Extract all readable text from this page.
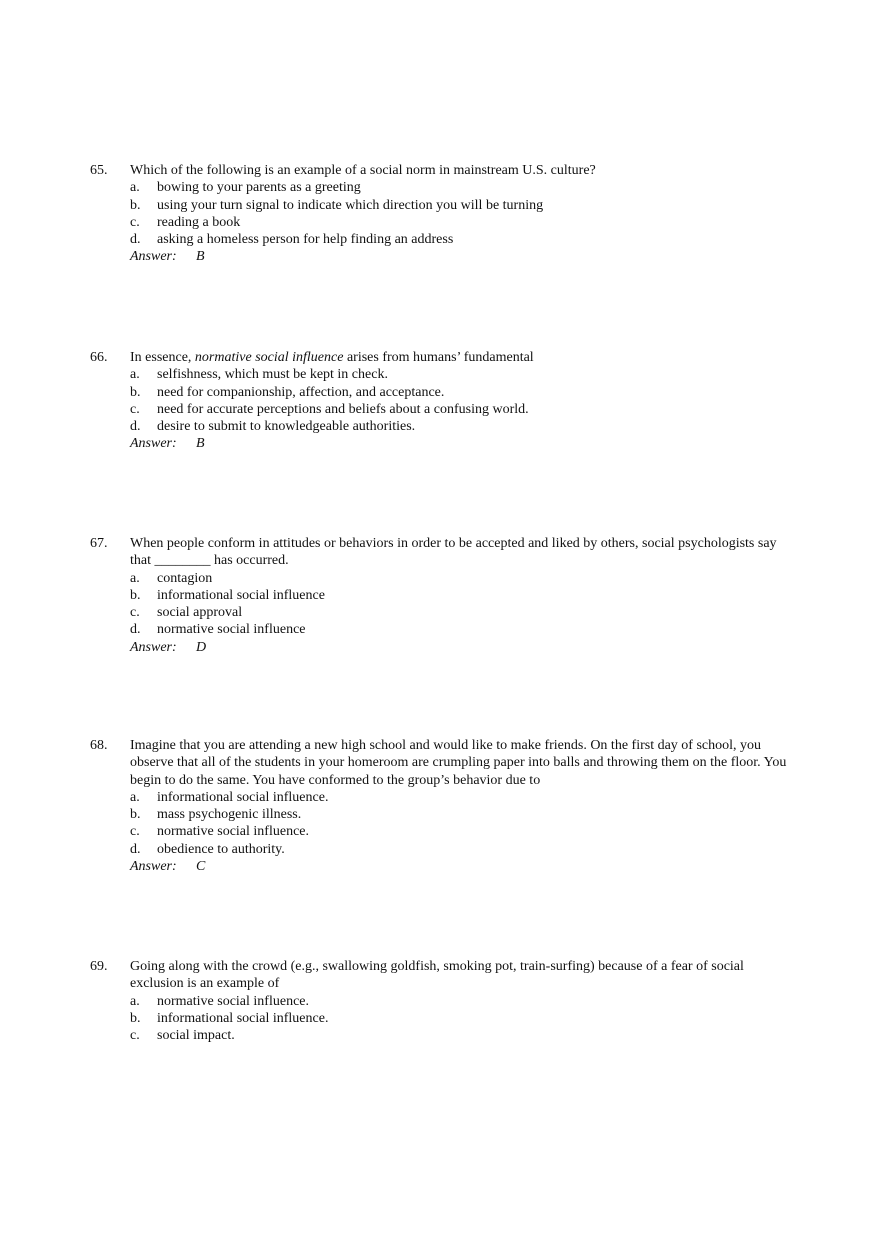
65.	Which of the following is an example of a social norm in mainstream U.S. culture?
a.	bowing to your parents as a greeting
b.	using your turn signal to indicate which direction you will be turning
c.	reading a book
d.	asking a homeless person for help finding an address
Answer: B
66.	In essence, normative social influence arises from humans’ fundamental
a.	selfishness, which must be kept in check.
b.	need for companionship, affection, and acceptance.
c.	need for accurate perceptions and beliefs about a confusing world.
d.	desire to submit to knowledgeable authorities.
Answer: B
67.	When people conform in attitudes or behaviors in order to be accepted and liked by others, social psychologists say that ________ has occurred.
a.	contagion
b.	informational social influence
c.	social approval
d.	normative social influence
Answer: D
68.	Imagine that you are attending a new high school and would like to make friends. On the first day of school, you observe that all of the students in your homeroom are crumpling paper into balls and throwing them on the floor. You begin to do the same. You have conformed to the group’s behavior due to
a.	informational social influence.
b.	mass psychogenic illness.
c.	normative social influence.
d.	obedience to authority.
Answer: C
69.	Going along with the crowd (e.g., swallowing goldfish, smoking pot, train-surfing) because of a fear of social exclusion is an example of
a.	normative social influence.
b.	informational social influence.
c.	social impact.
